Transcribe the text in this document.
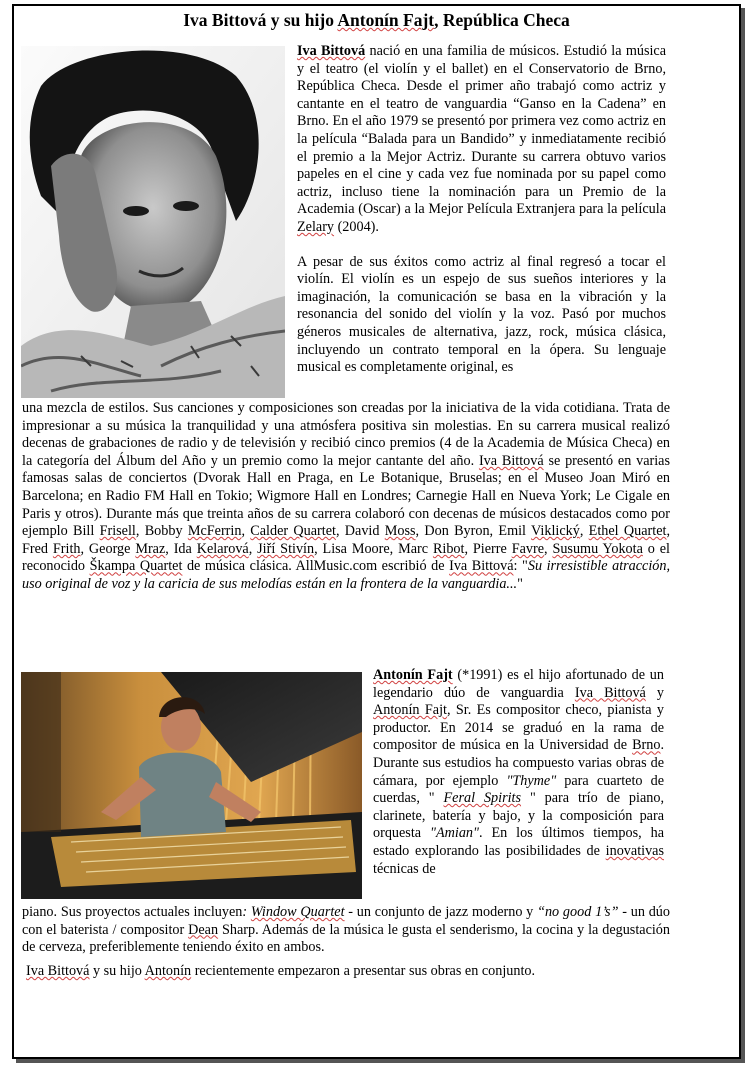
Iva Bittová y su hijo Antonín Fajt, República Checa

Iva Bittová nació en una familia de músicos. Estudió la música y el teatro (el violín y el ballet) en el Conservatorio de Brno, República Checa. Desde el primer año trabajó como actriz y cantante en el teatro de vanguardia “Ganso en la Cadena” en Brno. En el año 1979 se presentó por primera vez como actriz en la película “Balada para un Bandido” y inmediatamente recibió el premio a la Mejor Actriz. Durante su carrera obtuvo varios papeles en el cine y cada vez fue nominada por su papel como actriz, incluso tiene la nominación para un Premio de la Academia (Oscar) a la Mejor Película Extranjera para la película Zelary (2004).

A pesar de sus éxitos como actriz al final regresó a tocar el violín. El violín es un espejo de sus sueños interiores y la imaginación, la comunicación se basa en la vibración y la resonancia del sonido del violín y la voz. Pasó por muchos géneros musicales de alternativa, jazz, rock, música clásica, incluyendo un contrato temporal en la ópera. Su lenguaje musical es completamente original, es

una mezcla de estilos. Sus canciones y composiciones son creadas por la iniciativa de la vida cotidiana. Trata de impresionar a su música la tranquilidad y una atmósfera positiva sin molestias. En su carrera musical realizó decenas de grabaciones de radio y de televisión y recibió cinco premios (4 de la Academia de Música Checa) en la categoría del Álbum del Año y un premio como la mejor cantante del año. Iva Bittová se presentó en varias famosas salas de conciertos (Dvorak Hall en Praga, en Le Botanique, Bruselas; en el Museo Joan Miró en Barcelona; en Radio FM Hall en Tokio; Wigmore Hall en Londres; Carnegie Hall en Nueva York; Le Cigale en Paris y otros). Durante más que treinta años de su carrera colaboró con decenas de músicos destacados como por ejemplo Bill Frisell, Bobby McFerrin, Calder Quartet, David Moss, Don Byron, Emil Viklický, Ethel Quartet, Fred Frith, George Mraz, Ida Kelarová, Jiří Stivín, Lisa Moore, Marc Ribot, Pierre Favre, Susumu Yokota o el reconocido Škampa Quartet de música clásica. AllMusic.com escribió de Iva Bittová: "Su irresistible atracción, uso original de voz y la caricia de sus melodías están en la frontera de la vanguardia..."

Antonín Fajt (*1991) es el hijo afortunado de un legendario dúo de vanguardia Iva Bittová y Antonín Fajt, Sr. Es compositor checo, pianista y productor. En 2014 se graduó en la rama de compositor de música en la Universidad de Brno. Durante sus estudios ha compuesto varias obras de cámara, por ejemplo "Thyme" para cuarteto de cuerdas, " Feral Spirits " para trío de piano, clarinete, batería y bajo, y la composición para orquesta "Amian". En los últimos tiempos, ha estado explorando las posibilidades de inovativas técnicas de

piano. Sus proyectos actuales incluyen: Window Quartet - un conjunto de jazz moderno y “no good 1’s” - un dúo con el baterista / compositor Dean Sharp. Además de la música le gusta el senderismo, la cocina y la degustación de cerveza, preferiblemente teniendo éxito en ambos.

Iva Bittová y su hijo Antonín recientemente empezaron a presentar sus obras en conjunto.
